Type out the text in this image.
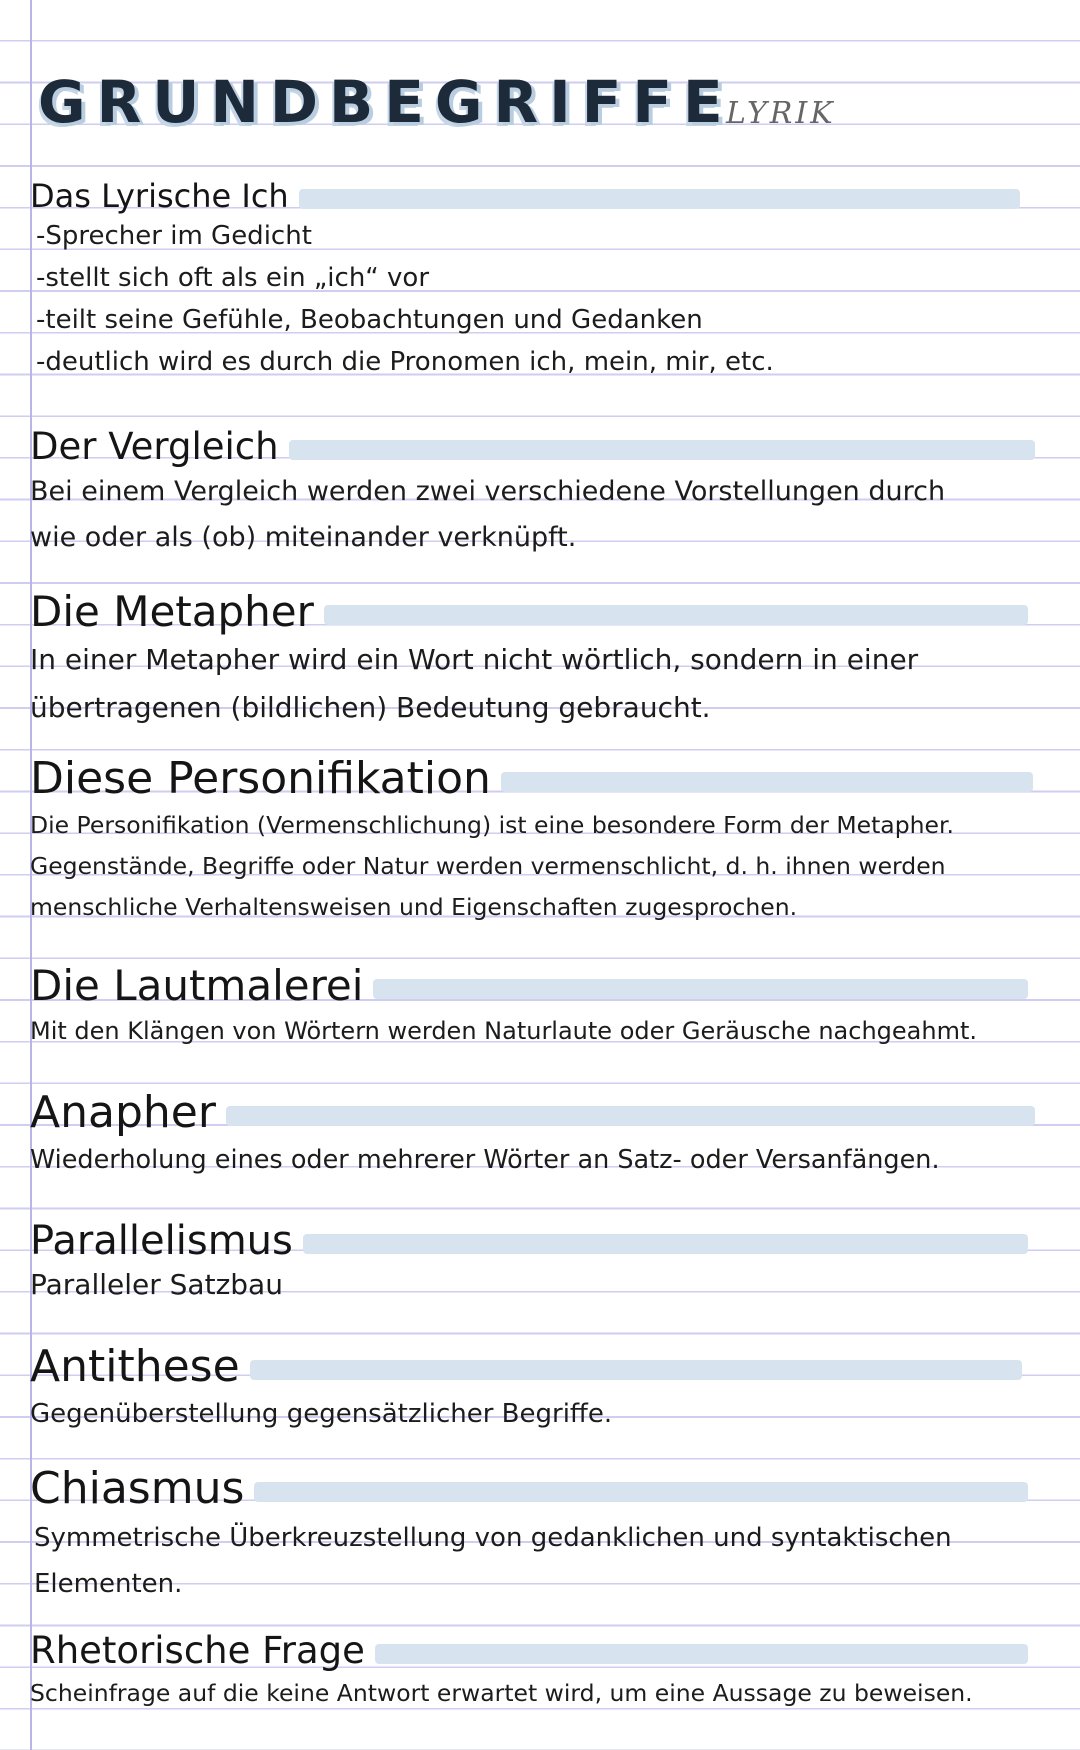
GRUNDBEGRIFFE
LYRIK
Das Lyrische Ich
-Sprecher im Gedicht
-stellt sich oft als ein „ich“ vor
-teilt seine Gefühle, Beobachtungen und Gedanken
-deutlich wird es durch die Pronomen ich, mein, mir, etc.
Der Vergleich
Bei einem Vergleich werden zwei verschiedene Vorstellungen durch
wie oder als (ob) miteinander verknüpft.
Die Metapher
In einer Metapher wird ein Wort nicht wörtlich, sondern in einer
übertragenen (bildlichen) Bedeutung gebraucht.
Diese Personifikation
Die Personifikation (Vermenschlichung) ist eine besondere Form der Metapher.
Gegenstände, Begriffe oder Natur werden vermenschlicht, d. h. ihnen werden
menschliche Verhaltensweisen und Eigenschaften zugesprochen.
Die Lautmalerei
Mit den Klängen von Wörtern werden Naturlaute oder Geräusche nachgeahmt.
Anapher
Wiederholung eines oder mehrerer Wörter an Satz- oder Versanfängen.
Parallelismus
Paralleler Satzbau
Antithese
Gegenüberstellung gegensätzlicher Begriffe.
Chiasmus
Symmetrische Überkreuzstellung von gedanklichen und syntaktischen
Elementen.
Rhetorische Frage
Scheinfrage auf die keine Antwort erwartet wird, um eine Aussage zu beweisen.
